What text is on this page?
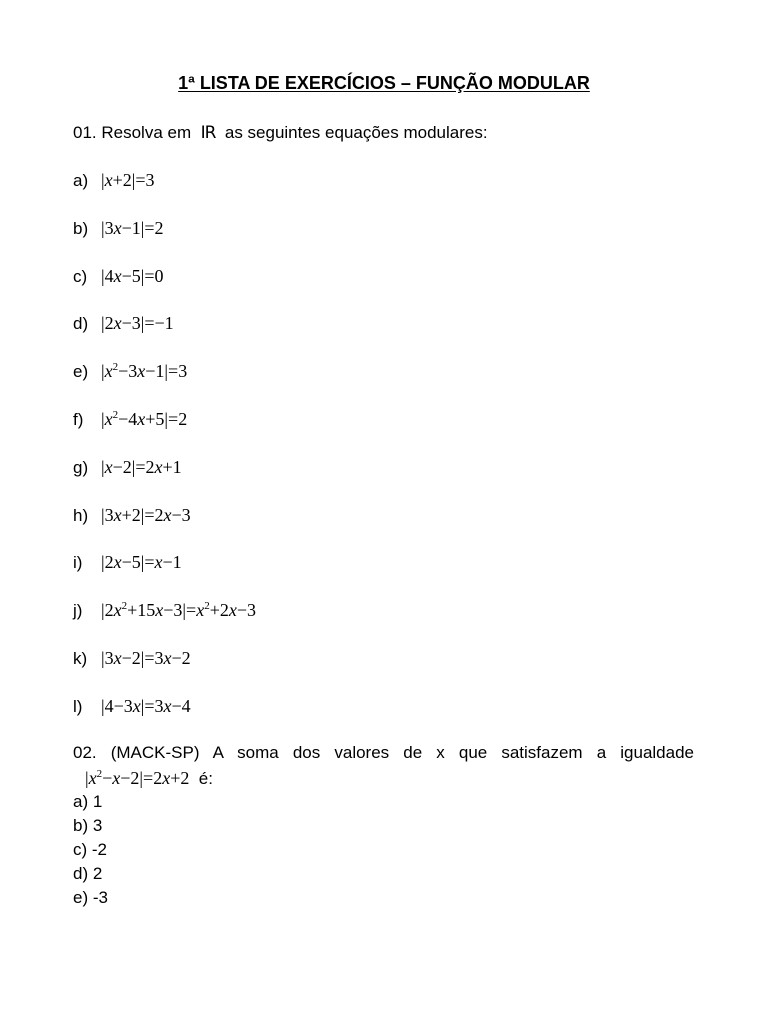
1ª LISTA DE EXERCÍCIOS – FUNÇÃO MODULAR
01. Resolva em IR as seguintes equações modulares:
a) |x+2|=3
b) |3x−1|=2
c) |4x−5|=0
d) |2x−3|=−1
e) $|x^2-3x-1|=3$
f) $|x^2-4x+5|=2$
g) |x−2|=2x+1
h) |3x+2|=2x−3
i) |2x−5|=x−1
j) $|2x^2+15x-3|=x^2+2x-3$
k) |3x−2|=3x−2
l) |4−3x|=3x−4
02. (MACK-SP) A soma dos valores de x que satisfazem a igualdade
$|x^2-x-2|=2x+2$ é:
a) 1
b) 3
c) -2
d) 2
e) -3
